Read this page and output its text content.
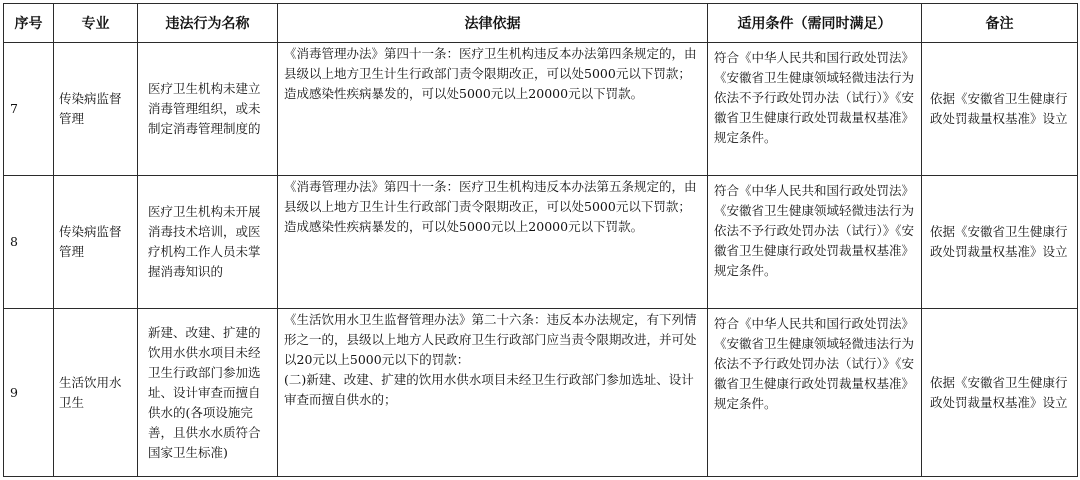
序号	专业	违法行为名称	法律依据	适用条件（需同时满足）	备注
7	传染病监督管理	医疗卫生机构未建立消毒管理组织，或未制定消毒管理制度的	《消毒管理办法》第四十一条：医疗卫生机构违反本办法第四条规定的，由县级以上地方卫生计生行政部门责令限期改正，可以处5000元以下罚款；造成感染性疾病暴发的，可以处5000元以上20000元以下罚款。	符合《中华人民共和国行政处罚法》《安徽省卫生健康领域轻微违法行为依法不予行政处罚办法（试行）》《安徽省卫生健康行政处罚裁量权基准》规定条件。	依据《安徽省卫生健康行政处罚裁量权基准》设立
8	传染病监督管理	医疗卫生机构未开展消毒技术培训，或医疗机构工作人员未掌握消毒知识的	《消毒管理办法》第四十一条：医疗卫生机构违反本办法第五条规定的，由县级以上地方卫生计生行政部门责令限期改正，可以处5000元以下罚款；造成感染性疾病暴发的，可以处5000元以上20000元以下罚款。	符合《中华人民共和国行政处罚法》《安徽省卫生健康领域轻微违法行为依法不予行政处罚办法（试行）》《安徽省卫生健康行政处罚裁量权基准》规定条件。	依据《安徽省卫生健康行政处罚裁量权基准》设立
9	生活饮用水卫生	新建、改建、扩建的饮用水供水项目未经卫生行政部门参加选址、设计审查而擅自供水的(各项设施完善，且供水水质符合国家卫生标准)	《生活饮用水卫生监督管理办法》第二十六条：违反本办法规定，有下列情形之一的，县级以上地方人民政府卫生行政部门应当责令限期改进，并可处以20元以上5000元以下的罚款：
(二)新建、改建、扩建的饮用水供水项目未经卫生行政部门参加选址、设计审查而擅自供水的；	符合《中华人民共和国行政处罚法》《安徽省卫生健康领域轻微违法行为依法不予行政处罚办法（试行）》《安徽省卫生健康行政处罚裁量权基准》规定条件。	依据《安徽省卫生健康行政处罚裁量权基准》设立
